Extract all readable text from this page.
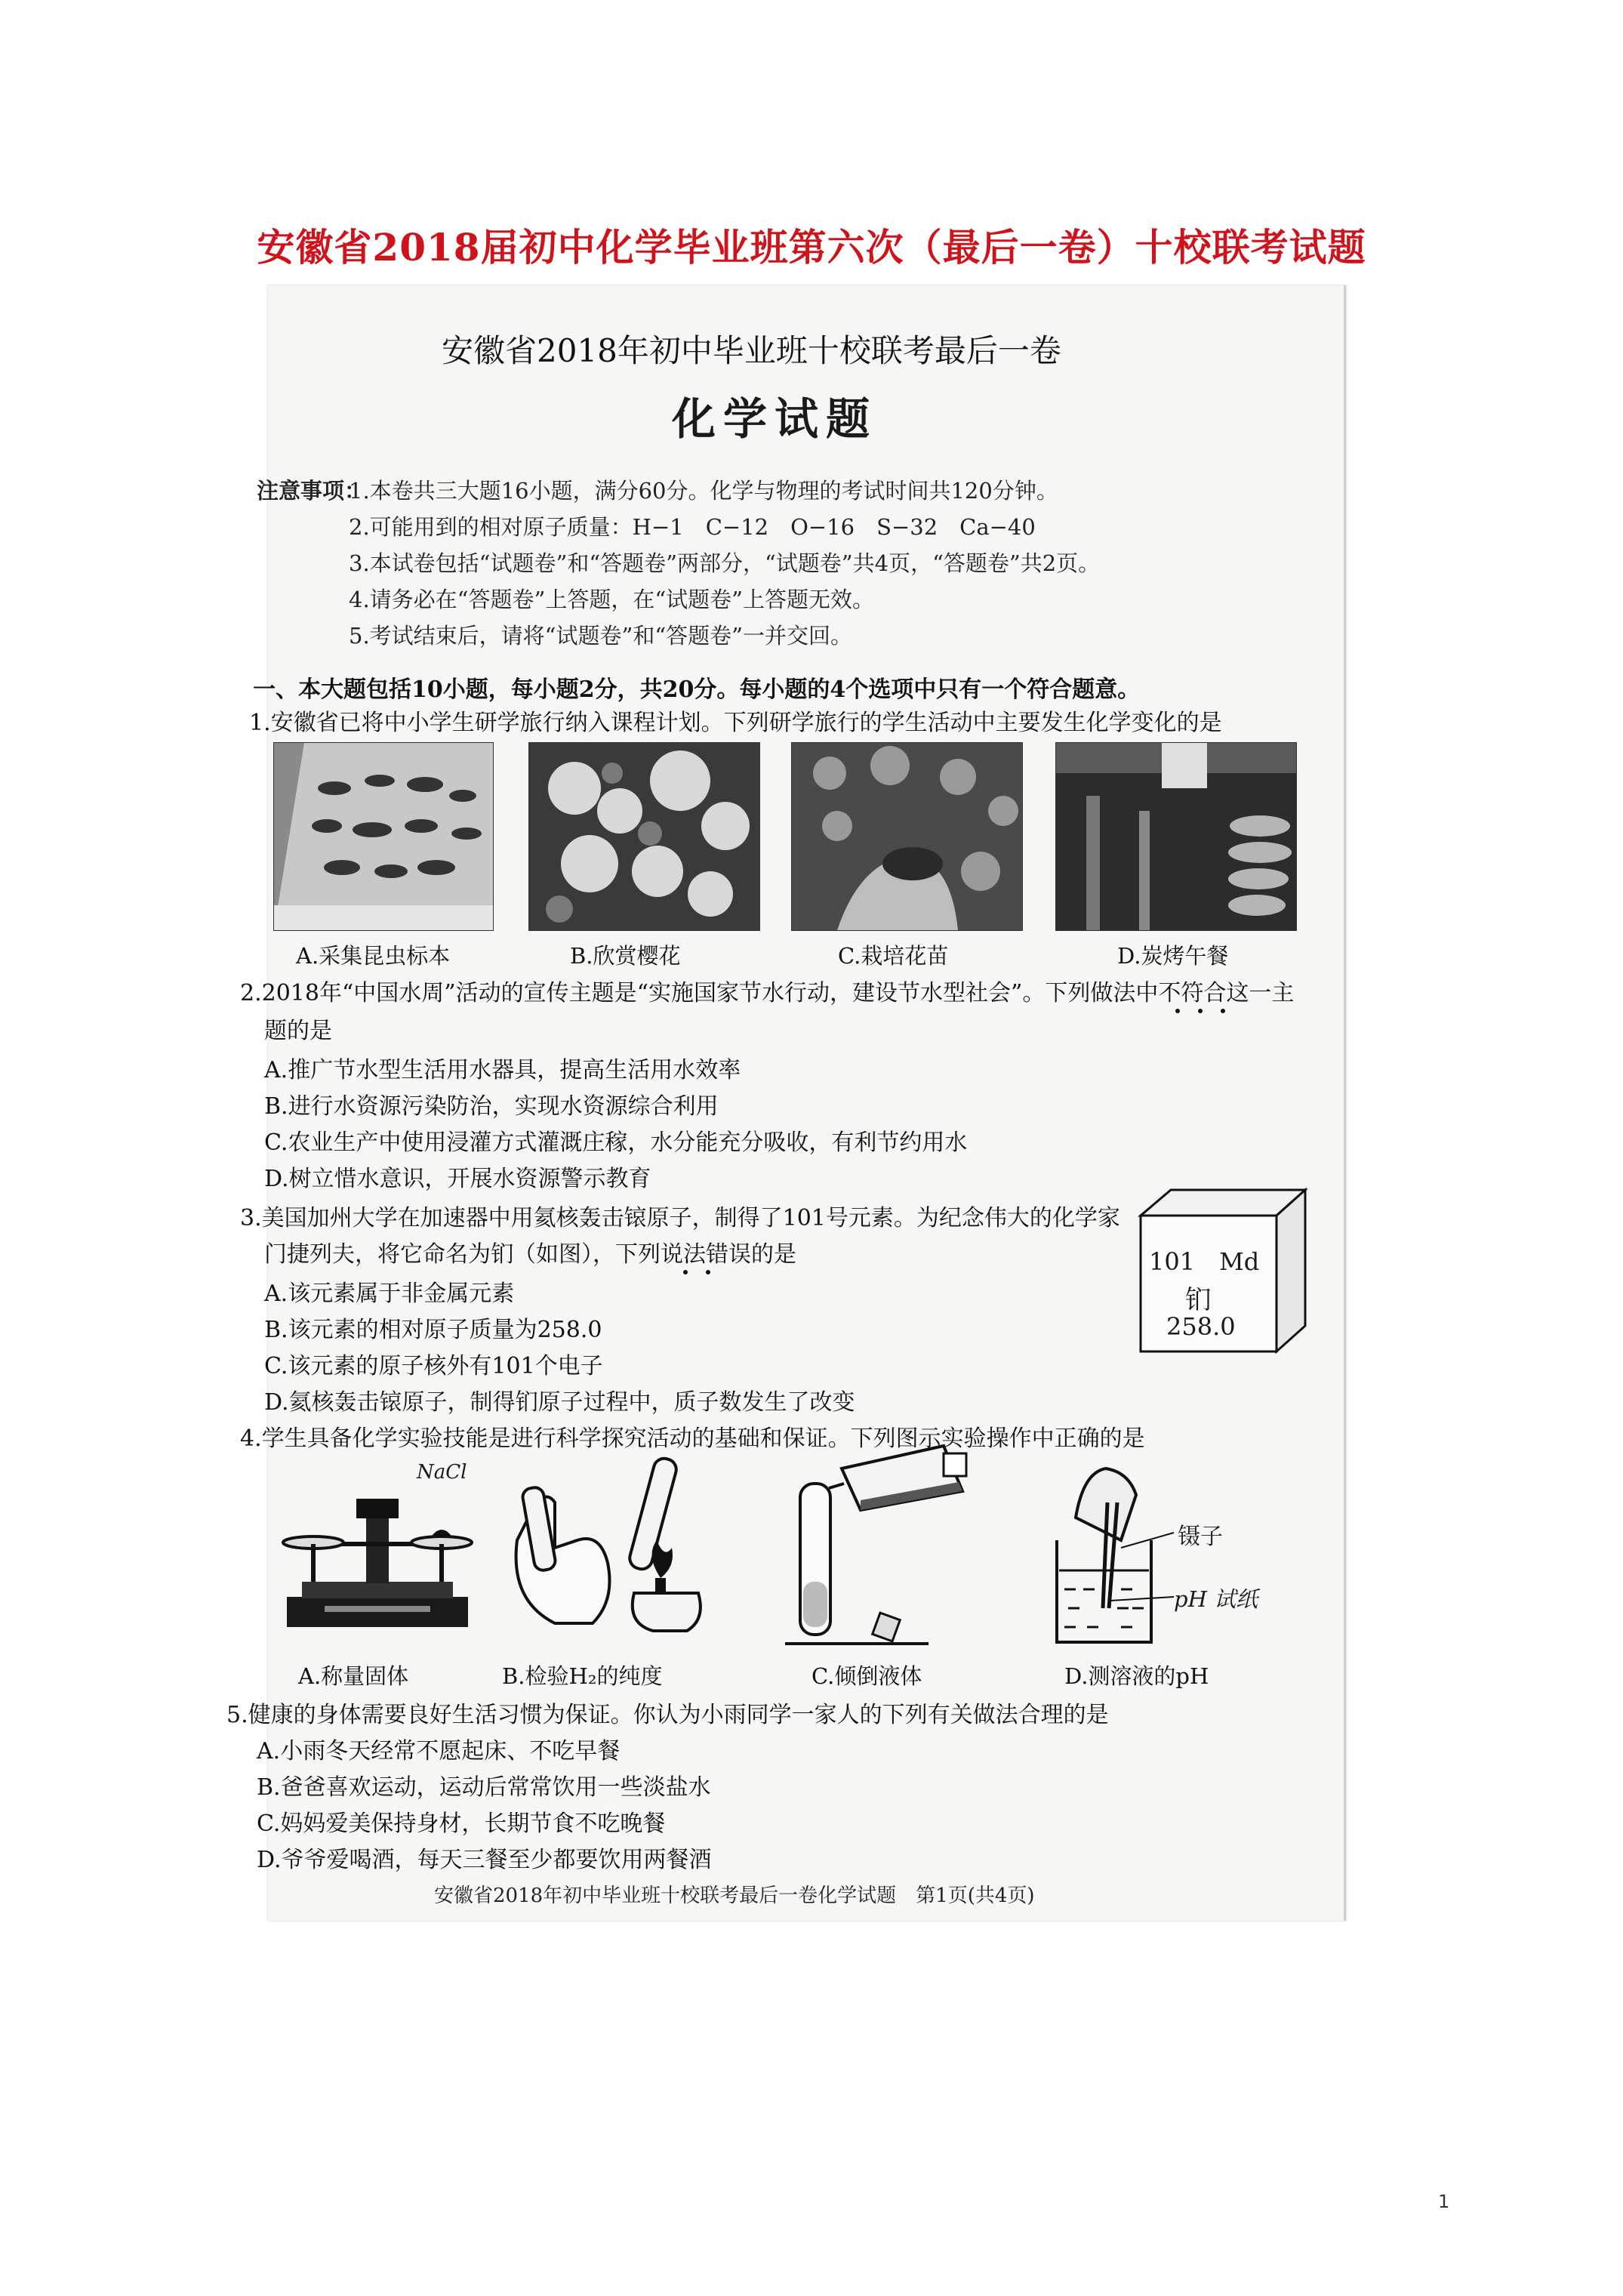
安徽省2018届初中化学毕业班第六次（最后一卷）十校联考试题
安徽省2018年初中毕业班十校联考最后一卷
化学试题
注意事项：
1.本卷共三大题16小题，满分60分。化学与物理的考试时间共120分钟。
2.可能用到的相对原子质量：H−1　C−12　O−16　S−32　Ca−40
3.本试卷包括“试题卷”和“答题卷”两部分，“试题卷”共4页，“答题卷”共2页。
4.请务必在“答题卷”上答题，在“试题卷”上答题无效。
5.考试结束后，请将“试题卷”和“答题卷”一并交回。
一、本大题包括10小题，每小题2分，共20分。每小题的4个选项中只有一个符合题意。
1.安徽省已将中小学生研学旅行纳入课程计划。下列研学旅行的学生活动中主要发生化学变化的是
A.采集昆虫标本	B.欣赏樱花	C.栽培花苗	D.炭烤午餐
2.2018年“中国水周”活动的宣传主题是“实施国家节水行动，建设节水型社会”。下列做法中不符合这一主
题的是
A.推广节水型生活用水器具，提高生活用水效率
B.进行水资源污染防治，实现水资源综合利用
C.农业生产中使用浸灌方式灌溉庄稼，水分能充分吸收，有利节约用水
D.树立惜水意识，开展水资源警示教育
3.美国加州大学在加速器中用氦核轰击锿原子，制得了101号元素。为纪念伟大的化学家
门捷列夫，将它命名为钔（如图），下列说法错误的是
A.该元素属于非金属元素
B.该元素的相对原子质量为258.0
C.该元素的原子核外有101个电子
D.氦核轰击锿原子，制得钔原子过程中，质子数发生了改变
101 Md
钔
258.0
4.学生具备化学实验技能是进行科学探究活动的基础和保证。下列图示实验操作中正确的是
NaCl
镊子
pH 试纸
A.称量固体	B.检验H₂的纯度	C.倾倒液体	D.测溶液的pH
5.健康的身体需要良好生活习惯为保证。你认为小雨同学一家人的下列有关做法合理的是
A.小雨冬天经常不愿起床、不吃早餐
B.爸爸喜欢运动，运动后常常饮用一些淡盐水
C.妈妈爱美保持身材，长期节食不吃晚餐
D.爷爷爱喝酒，每天三餐至少都要饮用两餐酒
安徽省2018年初中毕业班十校联考最后一卷化学试题　第1页(共4页)
1
